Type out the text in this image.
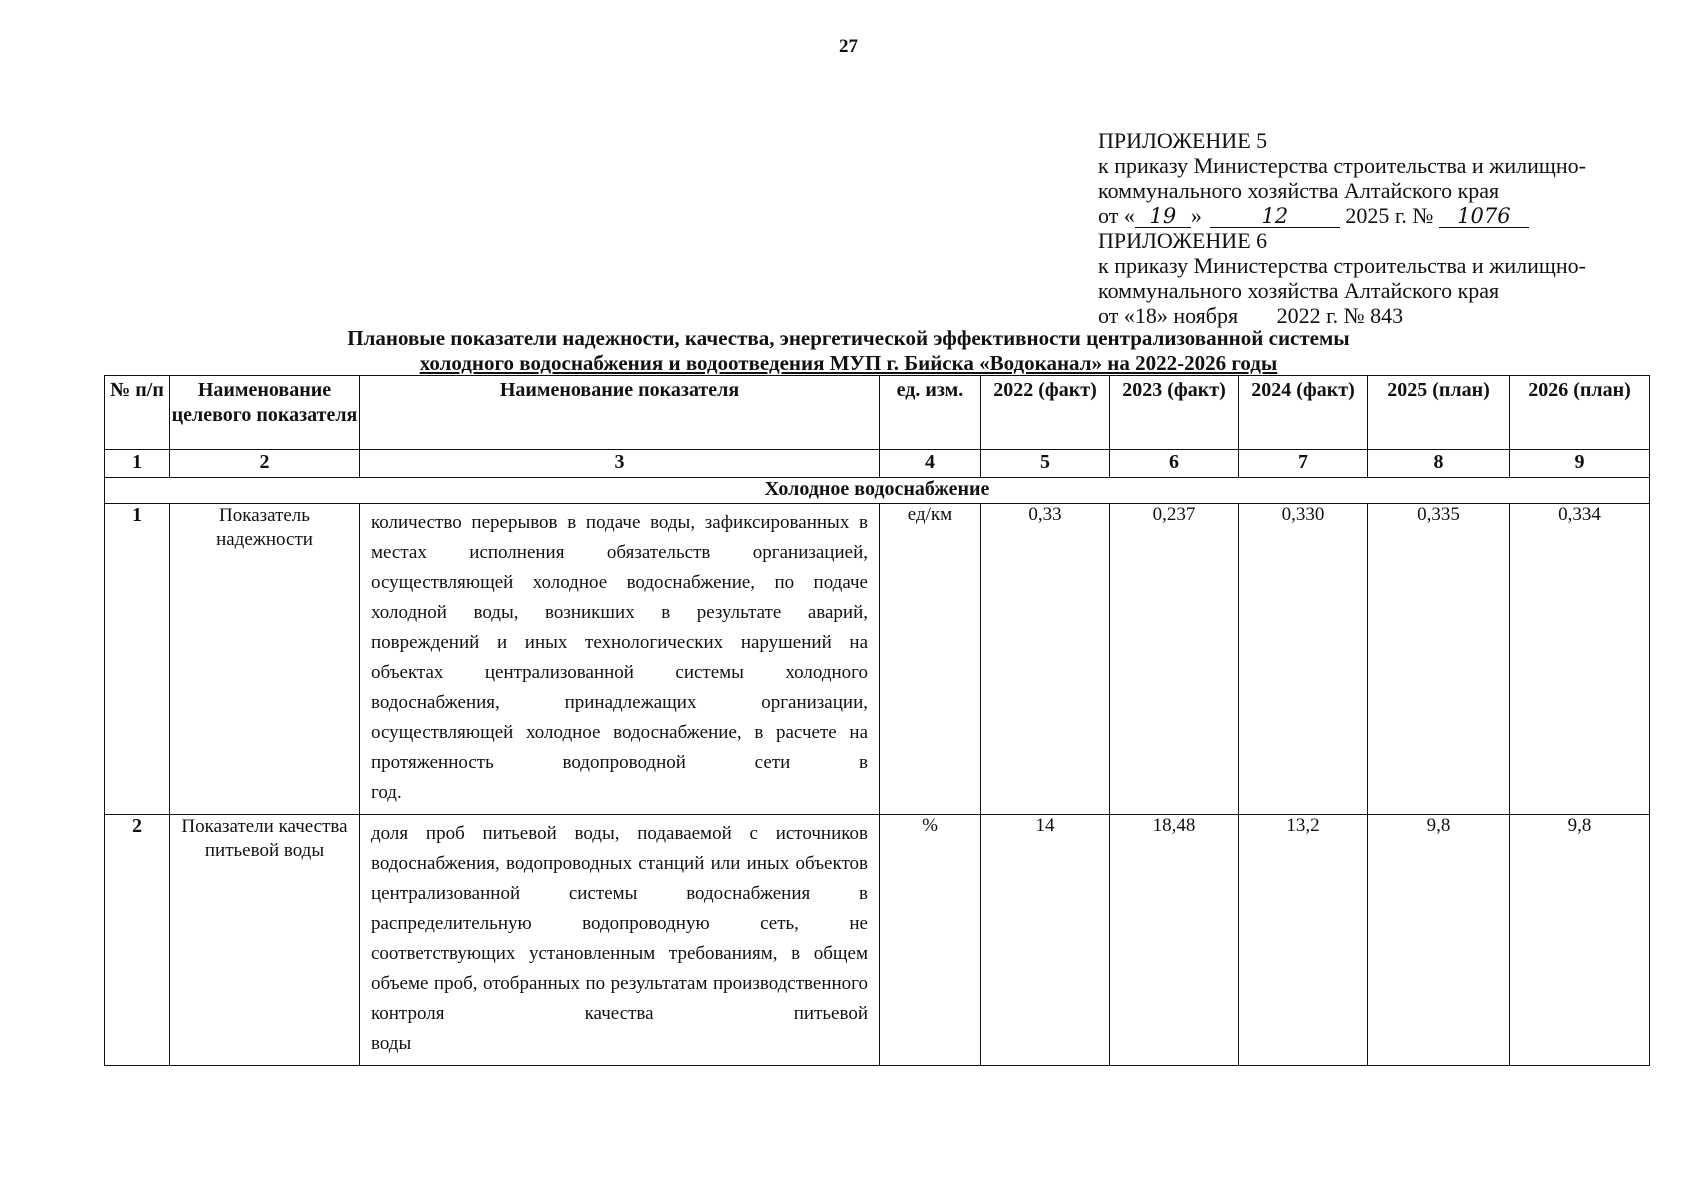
27
ПРИЛОЖЕНИЕ 5
к приказу Министерства строительства и жилищно-
коммунального хозяйства Алтайского края
от « 19 »	12	2025 г. № 1076
ПРИЛОЖЕНИЕ 6
к приказу Министерства строительства и жилищно-
коммунального хозяйства Алтайского края
от «18» ноября       2022 г. № 843
Плановые показатели надежности, качества, энергетической эффективности централизованной системы
холодного водоснабжения и водоотведения МУП г. Бийска «Водоканал» на 2022-2026 годы
№ п/п	Наименование целевого показателя	Наименование показателя	ед. изм.	2022 (факт)	2023 (факт)	2024 (факт)	2025 (план)	2026 (план)
1	2	3	4	5	6	7	8	9
Холодное водоснабжение								
1	Показатель надежности	количество перерывов в подаче воды, зафиксированных в местах исполнения обязательств организацией, осуществляющей холодное водоснабжение, по подаче холодной воды, возникших в результате аварий, повреждений и иных технологических нарушений на объектах централизованной системы холодного водоснабжения, принадлежащих организации, осуществляющей холодное водоснабжение, в расчете на протяженность водопроводной сети в
год.	ед/км	0,33	0,237	0,330	0,335	0,334
2	Показатели качества питьевой воды	доля проб питьевой воды, подаваемой с источников водоснабжения, водопроводных станций или иных объектов централизованной системы водоснабжения в распределительную водопроводную сеть, не соответствующих установленным требованиям, в общем объеме проб, отобранных по результатам производственного контроля качества питьевой
воды	%	14	18,48	13,2	9,8	9,8
